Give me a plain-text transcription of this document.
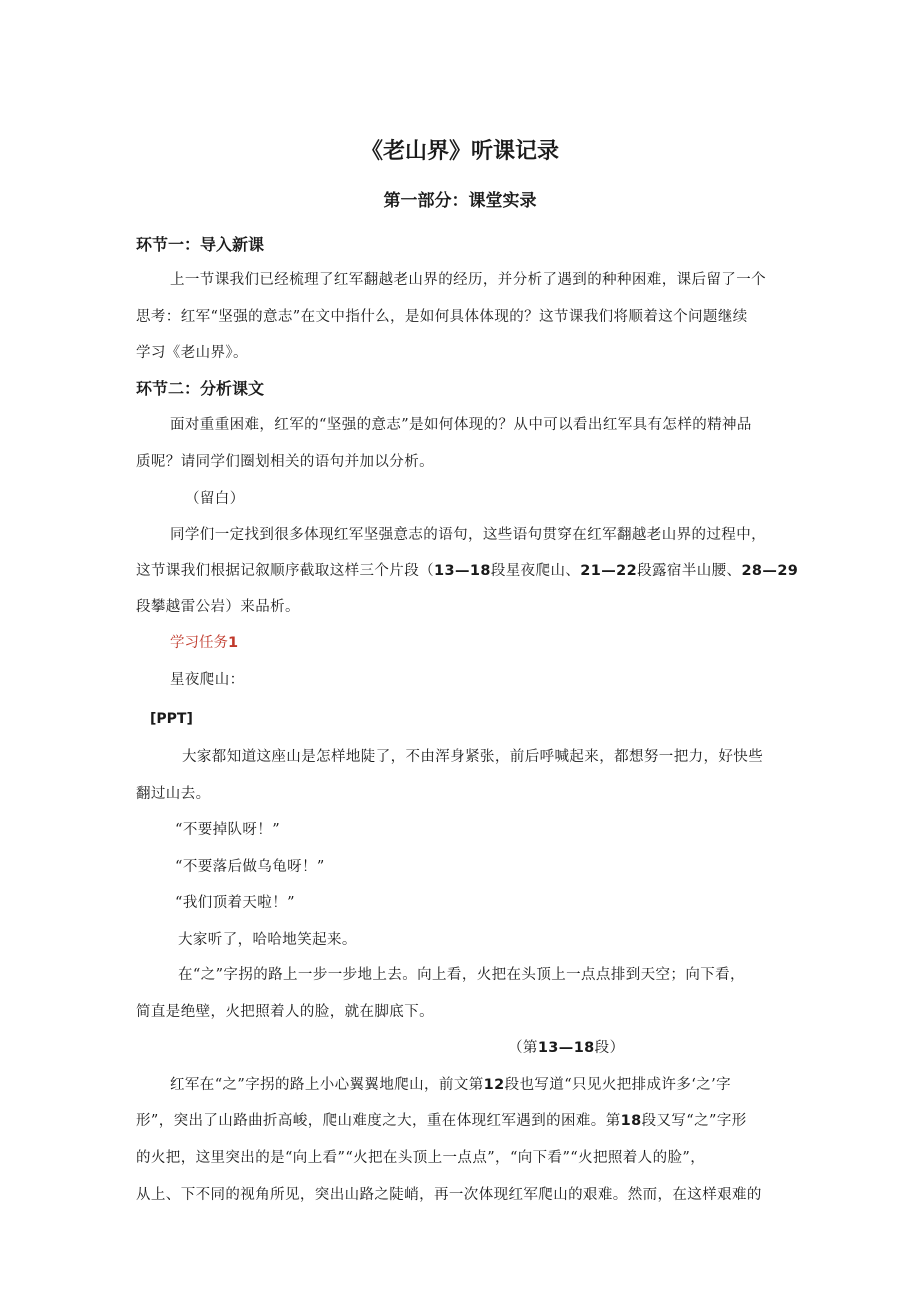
《老山界》听课记录
第一部分：课堂实录
环节一：导入新课
上一节课我们已经梳理了红军翻越老山界的经历，并分析了遇到的种种困难，课后留了一个
思考：红军“坚强的意志”在文中指什么，是如何具体体现的？这节课我们将顺着这个问题继续
学习《老山界》。
环节二：分析课文
面对重重困难，红军的“坚强的意志”是如何体现的？从中可以看出红军具有怎样的精神品
质呢？请同学们圈划相关的语句并加以分析。
（留白）
同学们一定找到很多体现红军坚强意志的语句，这些语句贯穿在红军翻越老山界的过程中，
这节课我们根据记叙顺序截取这样三个片段（13—18段星夜爬山、21—22段露宿半山腰、28—29
段攀越雷公岩）来品析。
学习任务1
星夜爬山：
[PPT]
大家都知道这座山是怎样地陡了，不由浑身紧张，前后呼喊起来，都想努一把力，好快些
翻过山去。
“不要掉队呀！”
“不要落后做乌龟呀！”
“我们顶着天啦！”
大家听了，哈哈地笑起来。
在“之”字拐的路上一步一步地上去。向上看，火把在头顶上一点点排到天空；向下看，
简直是绝壁，火把照着人的脸，就在脚底下。
（第13—18段）
红军在“之”字拐的路上小心翼翼地爬山，前文第12段也写道“只见火把排成许多‘之’字
形”，突出了山路曲折高峻，爬山难度之大，重在体现红军遇到的困难。第18段又写“之”字形
的火把，这里突出的是“向上看”“火把在头顶上一点点”，“向下看”“火把照着人的脸”，
从上、下不同的视角所见，突出山路之陡峭，再一次体现红军爬山的艰难。然而，在这样艰难的
